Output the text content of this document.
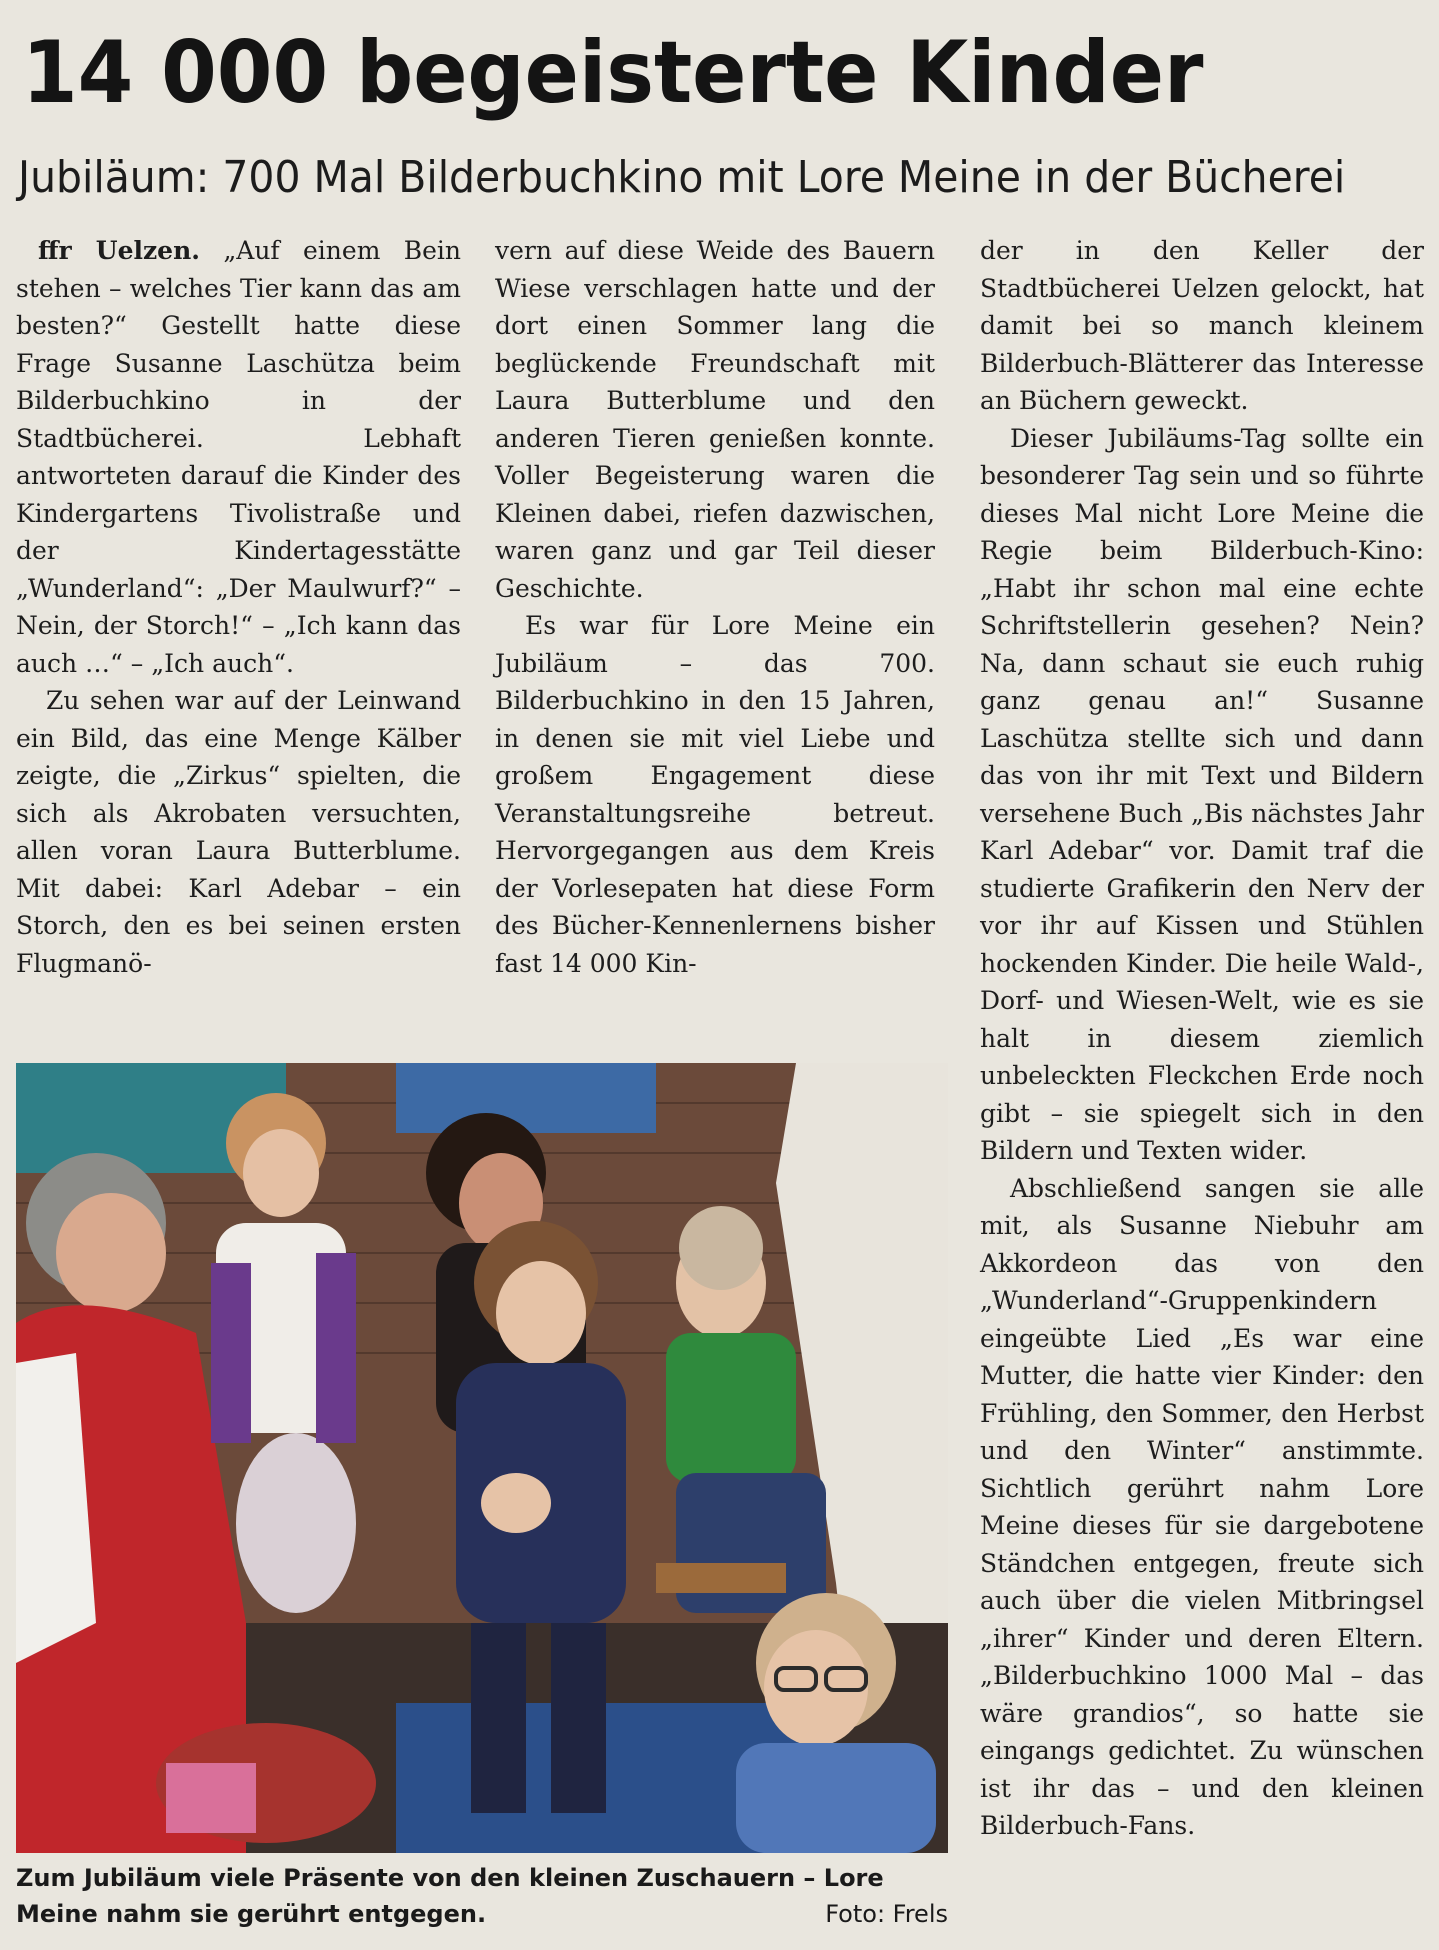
14 000 begeisterte Kinder
Jubiläum: 700 Mal Bilderbuchkino mit Lore Meine in der Bücherei

ffr Uelzen. „Auf einem Bein stehen – welches Tier kann das am besten?“ Gestellt hatte diese Frage Susanne Laschütza beim Bilderbuchkino in der Stadtbücherei. Lebhaft antworteten darauf die Kinder des Kindergartens Tivolistraße und der Kindertagesstätte „Wunderland“: „Der Maulwurf?“ – Nein, der Storch!“ – „Ich kann das auch …“ – „Ich auch“.

Zu sehen war auf der Leinwand ein Bild, das eine Menge Kälber zeigte, die „Zirkus“ spielten, die sich als Akrobaten versuchten, allen voran Laura Butterblume. Mit dabei: Karl Adebar – ein Storch, den es bei seinen ersten Flugmanö-

vern auf diese Weide des Bauern Wiese verschlagen hatte und der dort einen Sommer lang die beglückende Freundschaft mit Laura Butterblume und den anderen Tieren genießen konnte. Voller Begeisterung waren die Kleinen dabei, riefen dazwischen, waren ganz und gar Teil dieser Geschichte.

Es war für Lore Meine ein Jubiläum – das 700. Bilderbuchkino in den 15 Jahren, in denen sie mit viel Liebe und großem Engagement diese Veranstaltungsreihe betreut. Hervorgegangen aus dem Kreis der Vorlesepaten hat diese Form des Bücher-Kennenlernens bisher fast 14 000 Kin-

der in den Keller der Stadtbücherei Uelzen gelockt, hat damit bei so manch kleinem Bilderbuch-Blätterer das Interesse an Büchern geweckt.

Dieser Jubiläums-Tag sollte ein besonderer Tag sein und so führte dieses Mal nicht Lore Meine die Regie beim Bilderbuch-Kino: „Habt ihr schon mal eine echte Schriftstellerin gesehen? Nein? Na, dann schaut sie euch ruhig ganz genau an!“ Susanne Laschütza stellte sich und dann das von ihr mit Text und Bildern versehene Buch „Bis nächstes Jahr Karl Adebar“ vor. Damit traf die studierte Grafikerin den Nerv der vor ihr auf Kissen und Stühlen hockenden Kinder. Die heile Wald-, Dorf- und Wiesen-Welt, wie es sie halt in diesem ziemlich unbeleckten Fleckchen Erde noch gibt – sie spiegelt sich in den Bildern und Texten wider.

Abschließend sangen sie alle mit, als Susanne Niebuhr am Akkordeon das von den „Wunderland“-Gruppenkindern eingeübte Lied „Es war eine Mutter, die hatte vier Kinder: den Frühling, den Sommer, den Herbst und den Winter“ anstimmte. Sichtlich gerührt nahm Lore Meine dieses für sie dargebotene Ständchen entgegen, freute sich auch über die vielen Mitbringsel „ihrer“ Kinder und deren Eltern. „Bilderbuchkino 1000 Mal – das wäre grandios“, so hatte sie eingangs gedichtet. Zu wünschen ist ihr das – und den kleinen Bilderbuch-Fans.

Zum Jubiläum viele Präsente von den kleinen Zuschauern – Lore Meine nahm sie gerührt entgegen.	Foto: Frels
